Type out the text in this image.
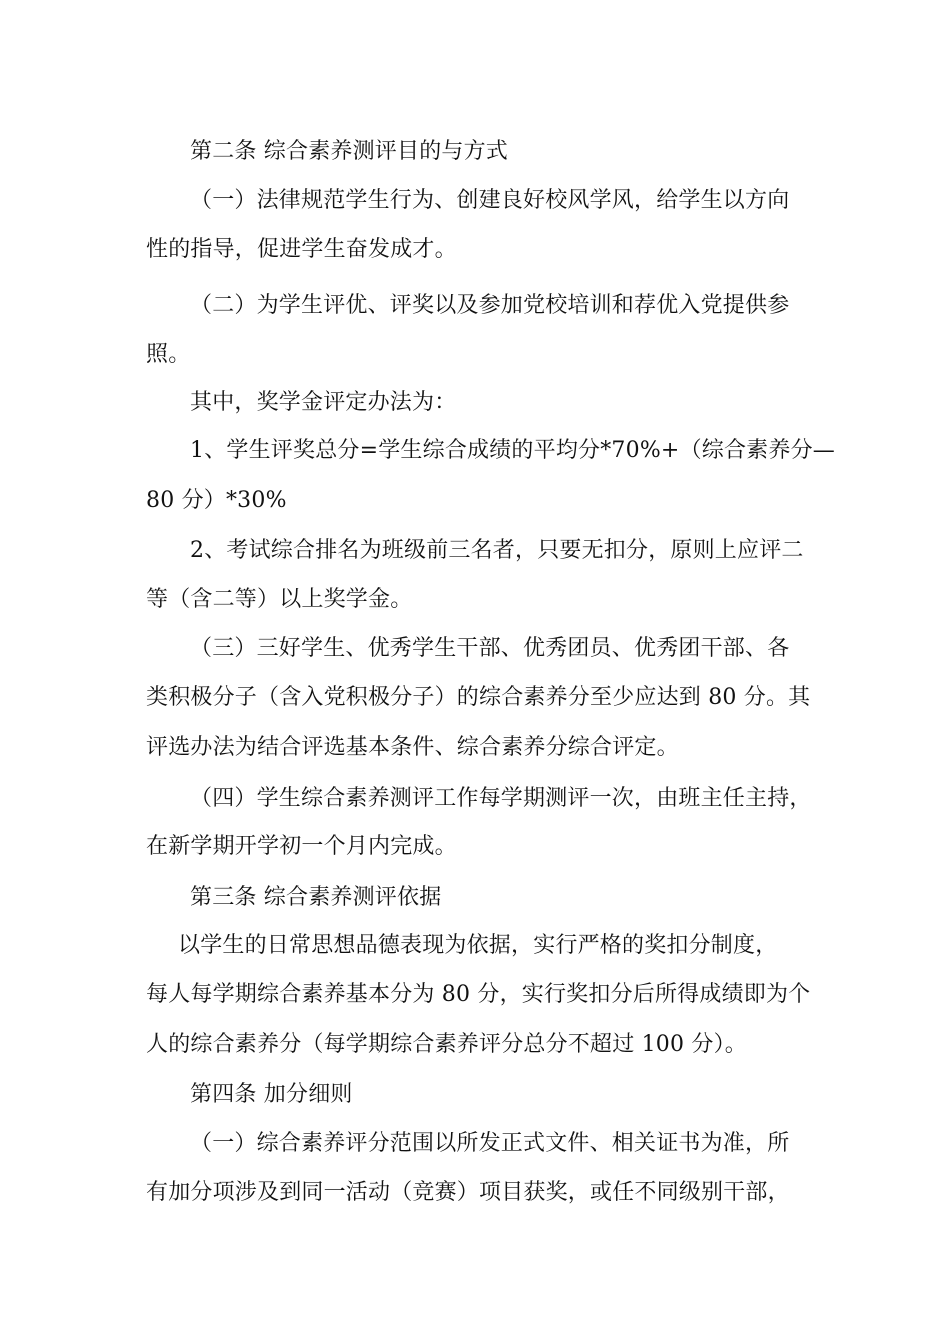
第二条 综合素养测评目的与方式
（一）法律规范学生行为、创建良好校风学风，给学生以方向
性的指导，促进学生奋发成才。
（二）为学生评优、评奖以及参加党校培训和荐优入党提供参
照。
其中，奖学金评定办法为：
1、学生评奖总分=学生综合成绩的平均分*70%+（综合素养分—
80 分）*30%
2、考试综合排名为班级前三名者，只要无扣分，原则上应评二
等（含二等）以上奖学金。
（三）三好学生、优秀学生干部、优秀团员、优秀团干部、各
类积极分子（含入党积极分子）的综合素养分至少应达到 80 分。其
评选办法为结合评选基本条件、综合素养分综合评定。
（四）学生综合素养测评工作每学期测评一次，由班主任主持，
在新学期开学初一个月内完成。
第三条 综合素养测评依据
以学生的日常思想品德表现为依据，实行严格的奖扣分制度，
每人每学期综合素养基本分为 80 分，实行奖扣分后所得成绩即为个
人的综合素养分（每学期综合素养评分总分不超过 100 分）。
第四条 加分细则
（一）综合素养评分范围以所发正式文件、相关证书为准，所
有加分项涉及到同一活动（竞赛）项目获奖，或任不同级别干部，
